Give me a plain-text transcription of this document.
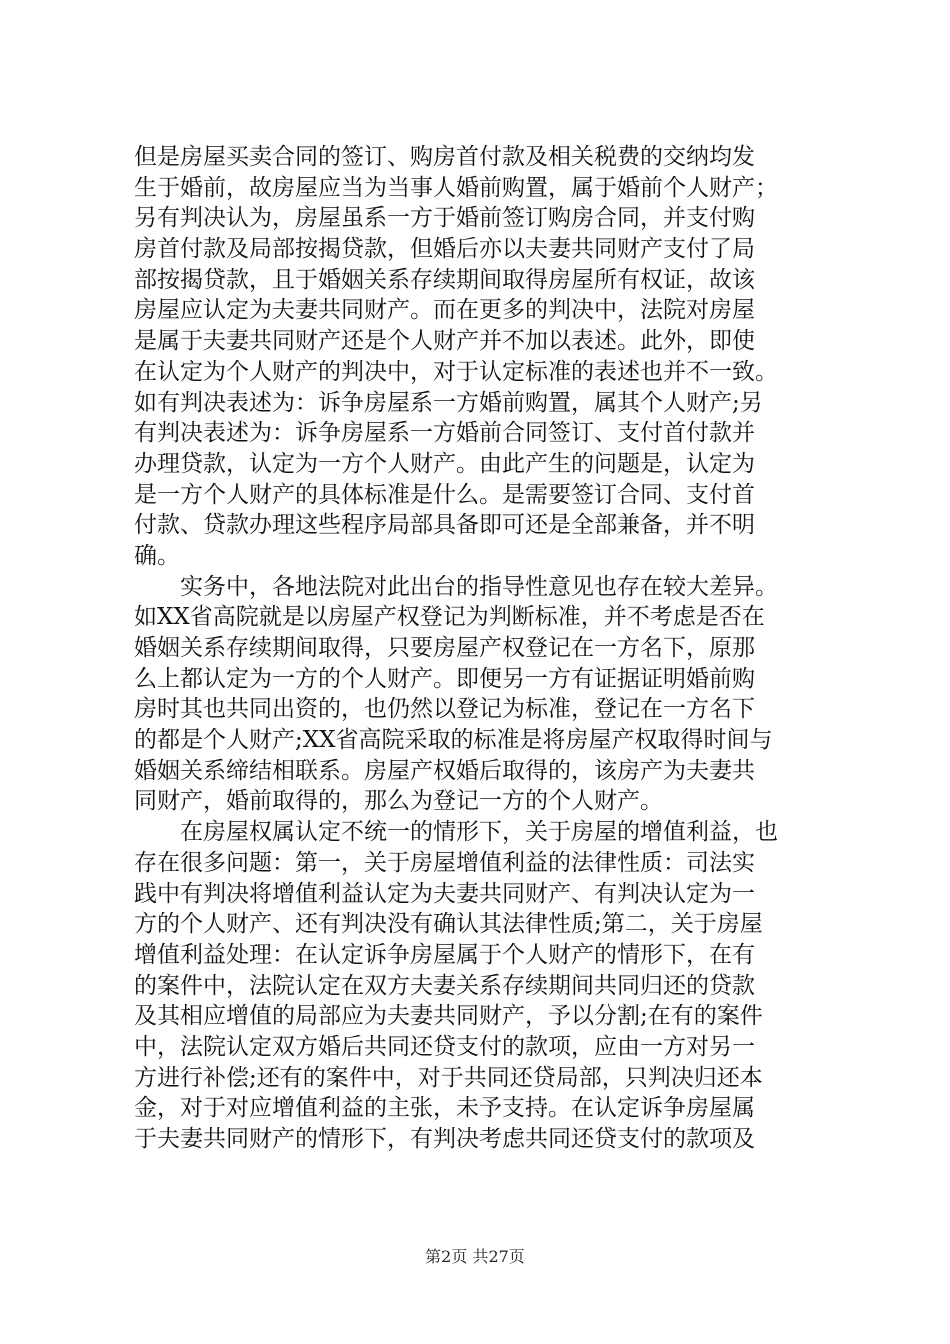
但是房屋买卖合同的签订、购房首付款及相关税费的交纳均发
生于婚前，故房屋应当为当事人婚前购置，属于婚前个人财产；
另有判决认为，房屋虽系一方于婚前签订购房合同，并支付购
房首付款及局部按揭贷款，但婚后亦以夫妻共同财产支付了局
部按揭贷款，且于婚姻关系存续期间取得房屋所有权证，故该
房屋应认定为夫妻共同财产。而在更多的判决中，法院对房屋
是属于夫妻共同财产还是个人财产并不加以表述。此外，即使
在认定为个人财产的判决中，对于认定标准的表述也并不一致。
如有判决表述为：诉争房屋系一方婚前购置，属其个人财产;另
有判决表述为：诉争房屋系一方婚前合同签订、支付首付款并
办理贷款，认定为一方个人财产。由此产生的问题是，认定为
是一方个人财产的具体标准是什么。是需要签订合同、支付首
付款、贷款办理这些程序局部具备即可还是全部兼备，并不明
确。
　　实务中，各地法院对此出台的指导性意见也存在较大差异。
如XX省高院就是以房屋产权登记为判断标准，并不考虑是否在
婚姻关系存续期间取得，只要房屋产权登记在一方名下，原那
么上都认定为一方的个人财产。即便另一方有证据证明婚前购
房时其也共同出资的，也仍然以登记为标准，登记在一方名下
的都是个人财产;XX省高院采取的标准是将房屋产权取得时间与
婚姻关系缔结相联系。房屋产权婚后取得的，该房产为夫妻共
同财产，婚前取得的，那么为登记一方的个人财产。
　　在房屋权属认定不统一的情形下，关于房屋的增值利益，也
存在很多问题：第一，关于房屋增值利益的法律性质：司法实
践中有判决将增值利益认定为夫妻共同财产、有判决认定为一
方的个人财产、还有判决没有确认其法律性质;第二，关于房屋
增值利益处理：在认定诉争房屋属于个人财产的情形下，在有
的案件中，法院认定在双方夫妻关系存续期间共同归还的贷款
及其相应增值的局部应为夫妻共同财产，予以分割;在有的案件
中，法院认定双方婚后共同还贷支付的款项，应由一方对另一
方进行补偿;还有的案件中，对于共同还贷局部，只判决归还本
金，对于对应增值利益的主张，未予支持。在认定诉争房屋属
于夫妻共同财产的情形下，有判决考虑共同还贷支付的款项及
第2页 共27页
